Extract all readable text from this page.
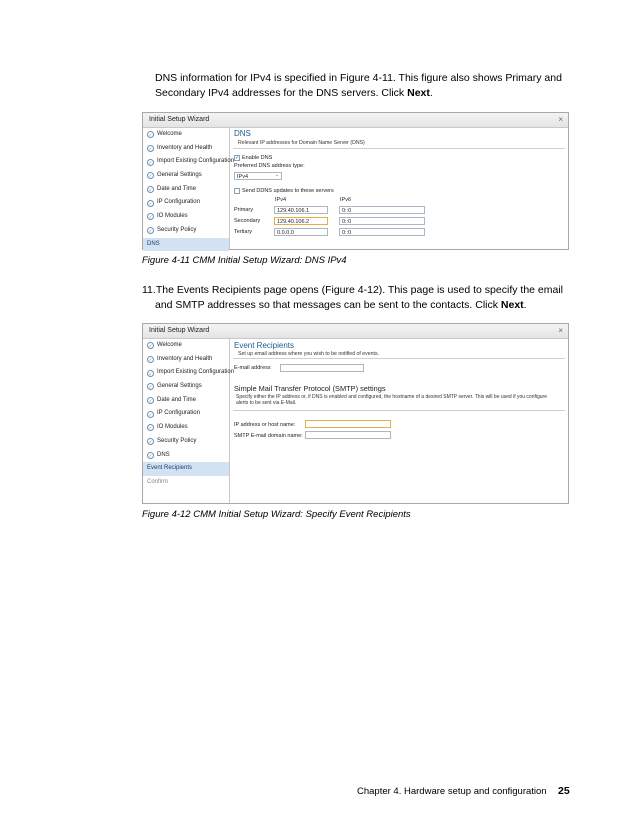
DNS information for IPv4 is specified in Figure 4-11. This figure also shows Primary and
Secondary IPv4 addresses for the DNS servers. Click Next.
Initial Setup Wizard	×
✓ Welcome
✓ Inventory and Health
✓ Import Existing Configuration
✓ General Settings
✓ Date and Time
✓ IP Configuration
✓ IO Modules
✓ Security Policy
DNS
DNS
Relevant IP addresses for Domain Name Server (DNS)
✓ Enable DNS
Preferred DNS address type:
IPv4	⌄
Send DDNS updates to these servers
IPv4	IPv6
Primary	129.40.106.1	0::0
Secondary	129.40.106.2	0::0
Tertiary	0.0.0.0	0::0
Figure 4-11 CMM Initial Setup Wizard: DNS IPv4
11.The Events Recipients page opens (Figure 4-12). This page is used to specify the email
and SMTP addresses so that messages can be sent to the contacts. Click Next.
Initial Setup Wizard	×
✓ Welcome
✓ Inventory and Health
✓ Import Existing Configuration
✓ General Settings
✓ Date and Time
✓ IP Configuration
✓ IO Modules
✓ Security Policy
✓ DNS
Event Recipients
Confirm
Event Recipients
Set up email address where you wish to be notified of events.
E-mail address
Simple Mail Transfer Protocol (SMTP) settings
Specify either the IP address or, if DNS is enabled and configured, the hostname of a desired SMTP server. This will be used if you configure
alerts to be sent via E-Mail.
IP address or host name:
SMTP E-mail domain name:
Figure 4-12 CMM Initial Setup Wizard: Specify Event Recipients
Chapter 4. Hardware setup and configuration 25
